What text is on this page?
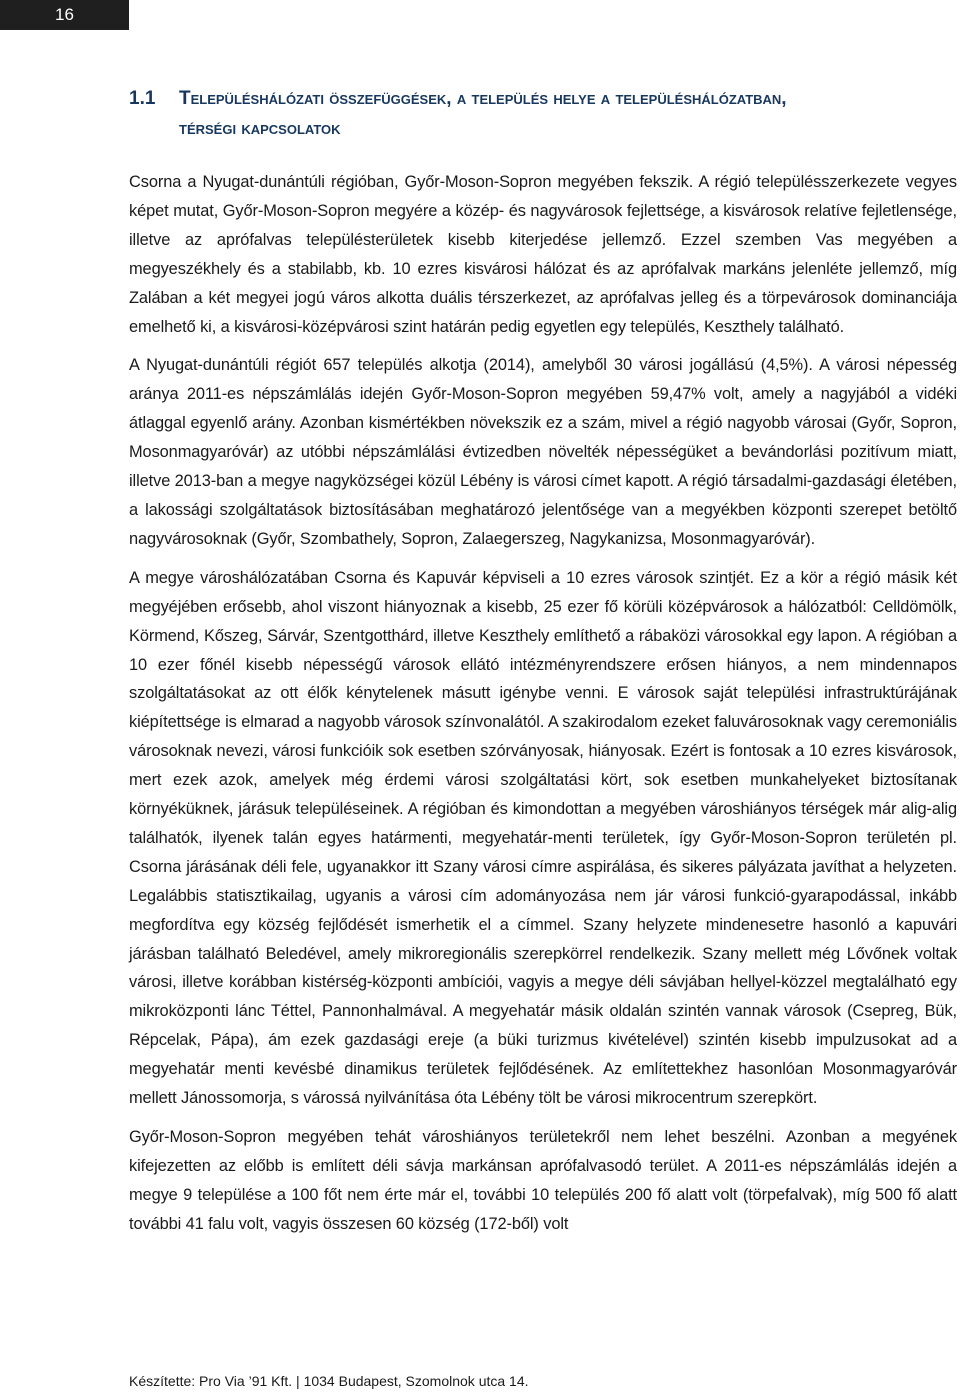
16
1.1 Településhálózati összefüggések, a település helye a településhálózatban,
térségi kapcsolatok

Csorna a Nyugat-dunántúli régióban, Győr-Moson-Sopron megyében fekszik. A régió településszerkezete vegyes képet mutat, Győr-Moson-Sopron megyére a közép- és nagyvárosok fejlettsége, a kisvárosok relatíve fejletlensége, illetve az aprófalvas településterületek kisebb kiterjedése jellemző. Ezzel szemben Vas megyében a megyeszékhely és a stabilabb, kb. 10 ezres kisvárosi hálózat és az aprófalvak markáns jelenléte jellemző, míg Zalában a két megyei jogú város alkotta duális térszerkezet, az aprófalvas jelleg és a törpevárosok dominanciája emelhető ki, a kisvárosi-középvárosi szint határán pedig egyetlen egy település, Keszthely található.

A Nyugat-dunántúli régiót 657 település alkotja (2014), amelyből 30 városi jogállású (4,5%). A városi népesség aránya 2011-es népszámlálás idején Győr-Moson-Sopron megyében 59,47% volt, amely a nagyjából a vidéki átlaggal egyenlő arány. Azonban kismértékben növekszik ez a szám, mivel a régió nagyobb városai (Győr, Sopron, Mosonmagyaróvár) az utóbbi népszámlálási évtizedben növelték népességüket a bevándorlási pozitívum miatt, illetve 2013-ban a megye nagyközségei közül Lébény is városi címet kapott. A régió társadalmi-gazdasági életében, a lakossági szolgáltatások biztosításában meghatározó jelentősége van a megyékben központi szerepet betöltő nagyvárosoknak (Győr, Szombathely, Sopron, Zalaegerszeg, Nagykanizsa, Mosonmagyaróvár).

A megye városhálózatában Csorna és Kapuvár képviseli a 10 ezres városok szintjét. Ez a kör a régió másik két megyéjében erősebb, ahol viszont hiányoznak a kisebb, 25 ezer fő körüli középvárosok a hálózatból: Celldömölk, Körmend, Kőszeg, Sárvár, Szentgotthárd, illetve Keszthely említhető a rábaközi városokkal egy lapon. A régióban a 10 ezer főnél kisebb népességű városok ellátó intézményrendszere erősen hiányos, a nem mindennapos szolgáltatásokat az ott élők kénytelenek másutt igénybe venni. E városok saját települési infrastruktúrájának kiépítettsége is elmarad a nagyobb városok színvonalától. A szakirodalom ezeket faluvárosoknak vagy ceremoniális városoknak nevezi, városi funkcióik sok esetben szórványosak, hiányosak. Ezért is fontosak a 10 ezres kisvárosok, mert ezek azok, amelyek még érdemi városi szolgáltatási kört, sok esetben munkahelyeket biztosítanak környéküknek, járásuk településeinek. A régióban és kimondottan a megyében városhiányos térségek már alig-alig találhatók, ilyenek talán egyes határmenti, megyehatár-menti területek, így Győr-Moson-Sopron területén pl. Csorna járásának déli fele, ugyanakkor itt Szany városi címre aspirálása, és sikeres pályázata javíthat a helyzeten. Legalábbis statisztikailag, ugyanis a városi cím adományozása nem jár városi funkció-gyarapodással, inkább megfordítva egy község fejlődését ismerhetik el a címmel. Szany helyzete mindenesetre hasonló a kapuvári járásban található Beledével, amely mikroregionális szerepkörrel rendelkezik. Szany mellett még Lővőnek voltak városi, illetve korábban kistérség-központi ambíciói, vagyis a megye déli sávjában hellyel-közzel megtalálható egy mikroközponti lánc Téttel, Pannonhalmával. A megyehatár másik oldalán szintén vannak városok (Csepreg, Bük, Répcelak, Pápa), ám ezek gazdasági ereje (a büki turizmus kivételével) szintén kisebb impulzusokat ad a megyehatár menti kevésbé dinamikus területek fejlődésének. Az említettekhez hasonlóan Mosonmagyaróvár mellett Jánossomorja, s várossá nyilvánítása óta Lébény tölt be városi mikrocentrum szerepkört.

Győr-Moson-Sopron megyében tehát városhiányos területekről nem lehet beszélni. Azonban a megyének kifejezetten az előbb is említett déli sávja markánsan aprófalvasodó terület. A 2011-es népszámlálás idején a megye 9 települése a 100 főt nem érte már el, további 10 település 200 fő alatt volt (törpefalvak), míg 500 fő alatt további 41 falu volt, vagyis összesen 60 község (172-ből) volt

Készítette: Pro Via ’91 Kft. | 1034 Budapest, Szomolnok utca 14.
